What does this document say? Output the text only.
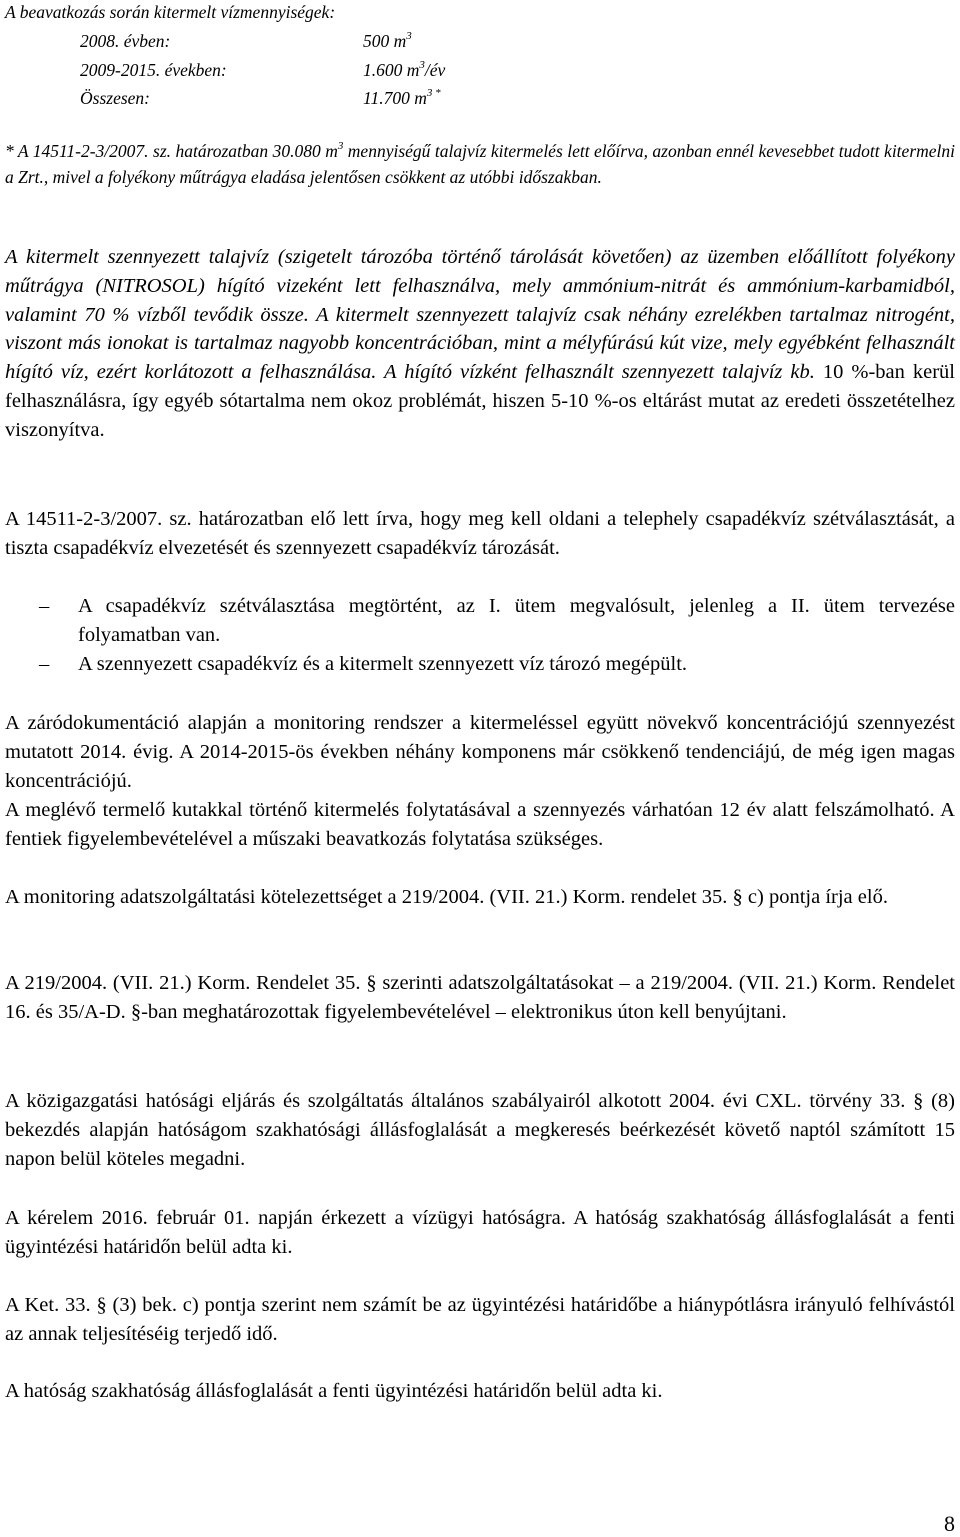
A beavatkozás során kitermelt vízmennyiségek:
2008. évben:	500 $m^3$
2009-2015. években:	1.600 $m^3/év$
Összesen:	11.700 $m^{3 *}$
* A 14511-2-3/2007. sz. határozatban 30.080 $m^3$ mennyiségű talajvíz kitermelés lett előírva, azonban ennél kevesebbet tudott kitermelni a Zrt., mivel a folyékony műtrágya eladása jelentősen csökkent az utóbbi időszakban.
A kitermelt szennyezett talajvíz (szigetelt tározóba történő tárolását követően) az üzemben előállított folyékony műtrágya (NITROSOL) hígító vizeként lett felhasználva, mely ammónium-nitrát és ammónium-karbamidból, valamint 70 % vízből tevődik össze. A kitermelt szennyezett talajvíz csak néhány ezrelékben tartalmaz nitrogént, viszont más ionokat is tartalmaz nagyobb koncentrációban, mint a mélyfúrású kút vize, mely egyébként felhasznált hígító víz, ezért korlátozott a felhasználása. A hígító vízként felhasznált szennyezett talajvíz kb. 10 %-ban kerül felhasználásra, így egyéb sótartalma nem okoz problémát, hiszen 5-10 %-os eltárást mutat az eredeti összetételhez viszonyítva.
A 14511-2-3/2007. sz. határozatban elő lett írva, hogy meg kell oldani a telephely csapadékvíz szétválasztását, a tiszta csapadékvíz elvezetését és szennyezett csapadékvíz tározását.
– A csapadékvíz szétválasztása megtörtént, az I. ütem megvalósult, jelenleg a II. ütem tervezése folyamatban van.
– A szennyezett csapadékvíz és a kitermelt szennyezett víz tározó megépült.
A záródokumentáció alapján a monitoring rendszer a kitermeléssel együtt növekvő koncentrációjú szennyezést mutatott 2014. évig. A 2014-2015-ös években néhány komponens már csökkenő tendenciájú, de még igen magas koncentrációjú.
A meglévő termelő kutakkal történő kitermelés folytatásával a szennyezés várhatóan 12 év alatt felszámolható. A fentiek figyelembevételével a műszaki beavatkozás folytatása szükséges.
A monitoring adatszolgáltatási kötelezettséget a 219/2004. (VII. 21.) Korm. rendelet 35. § c) pontja írja elő.
A 219/2004. (VII. 21.) Korm. Rendelet 35. § szerinti adatszolgáltatásokat – a 219/2004. (VII. 21.) Korm. Rendelet 16. és 35/A-D. §-ban meghatározottak figyelembevételével – elektronikus úton kell benyújtani.
A közigazgatási hatósági eljárás és szolgáltatás általános szabályairól alkotott 2004. évi CXL. törvény 33. § (8) bekezdés alapján hatóságom szakhatósági állásfoglalását a megkeresés beérkezését követő naptól számított 15 napon belül köteles megadni.
A kérelem 2016. február 01. napján érkezett a vízügyi hatóságra. A hatóság szakhatóság állásfoglalását a fenti ügyintézési határidőn belül adta ki.
A Ket. 33. § (3) bek. c) pontja szerint nem számít be az ügyintézési határidőbe a hiánypótlásra irányuló felhívástól az annak teljesítéséig terjedő idő.
A hatóság szakhatóság állásfoglalását a fenti ügyintézési határidőn belül adta ki.
8
